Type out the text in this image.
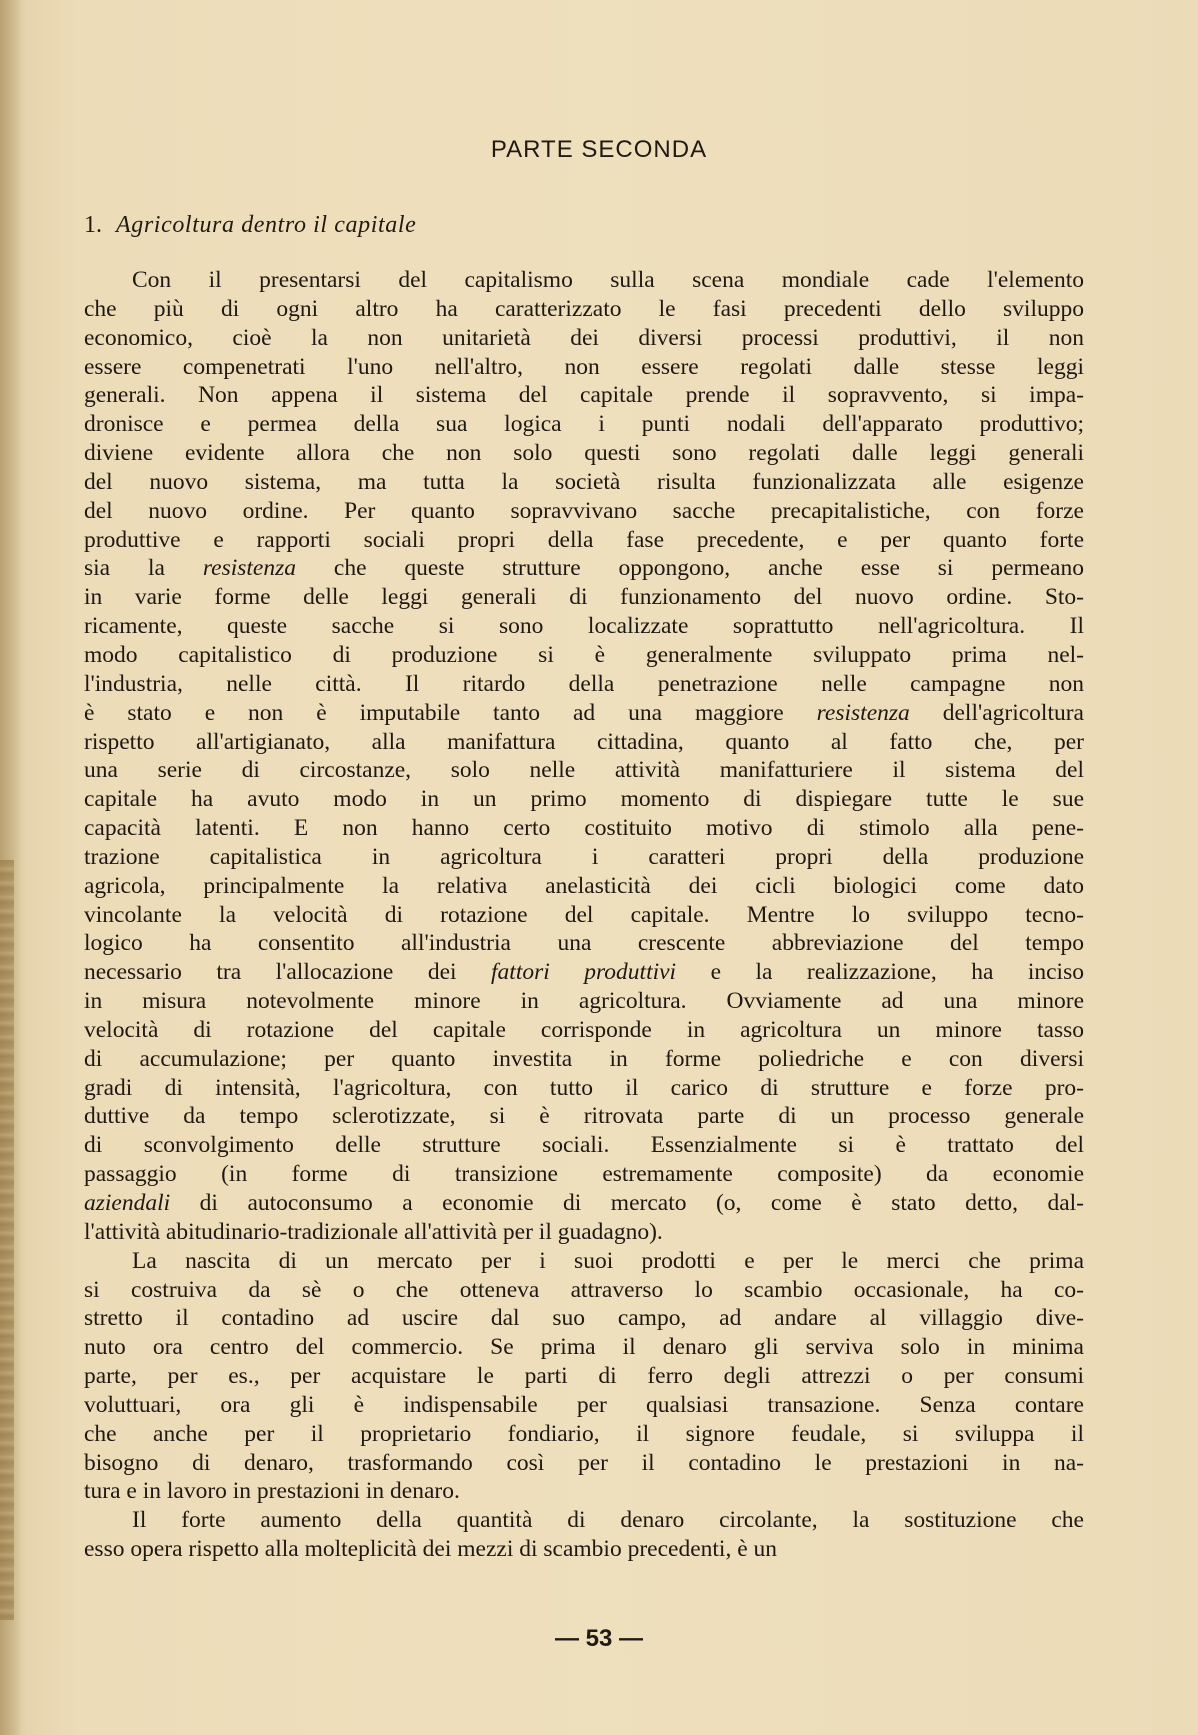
PARTE SECONDA
1. Agricoltura dentro il capitale
Con il presentarsi del capitalismo sulla scena mondiale cade l'elemento
che più di ogni altro ha caratterizzato le fasi precedenti dello sviluppo
economico, cioè la non unitarietà dei diversi processi produttivi, il non
essere compenetrati l'uno nell'altro, non essere regolati dalle stesse leggi
generali. Non appena il sistema del capitale prende il sopravvento, si impa-
dronisce e permea della sua logica i punti nodali dell'apparato produttivo;
diviene evidente allora che non solo questi sono regolati dalle leggi generali
del nuovo sistema, ma tutta la società risulta funzionalizzata alle esigenze
del nuovo ordine. Per quanto sopravvivano sacche precapitalistiche, con forze
produttive e rapporti sociali propri della fase precedente, e per quanto forte
sia la resistenza che queste strutture oppongono, anche esse si permeano
in varie forme delle leggi generali di funzionamento del nuovo ordine. Sto-
ricamente, queste sacche si sono localizzate soprattutto nell'agricoltura. Il
modo capitalistico di produzione si è generalmente sviluppato prima nel-
l'industria, nelle città. Il ritardo della penetrazione nelle campagne non
è stato e non è imputabile tanto ad una maggiore resistenza dell'agricoltura
rispetto all'artigianato, alla manifattura cittadina, quanto al fatto che, per
una serie di circostanze, solo nelle attività manifatturiere il sistema del
capitale ha avuto modo in un primo momento di dispiegare tutte le sue
capacità latenti. E non hanno certo costituito motivo di stimolo alla pene-
trazione capitalistica in agricoltura i caratteri propri della produzione
agricola, principalmente la relativa anelasticità dei cicli biologici come dato
vincolante la velocità di rotazione del capitale. Mentre lo sviluppo tecno-
logico ha consentito all'industria una crescente abbreviazione del tempo
necessario tra l'allocazione dei fattori produttivi e la realizzazione, ha inciso
in misura notevolmente minore in agricoltura. Ovviamente ad una minore
velocità di rotazione del capitale corrisponde in agricoltura un minore tasso
di accumulazione; per quanto investita in forme poliedriche e con diversi
gradi di intensità, l'agricoltura, con tutto il carico di strutture e forze pro-
duttive da tempo sclerotizzate, si è ritrovata parte di un processo generale
di sconvolgimento delle strutture sociali. Essenzialmente si è trattato del
passaggio (in forme di transizione estremamente composite) da economie
aziendali di autoconsumo a economie di mercato (o, come è stato detto, dal-
l'attività abitudinario-tradizionale all'attività per il guadagno).
La nascita di un mercato per i suoi prodotti e per le merci che prima
si costruiva da sè o che otteneva attraverso lo scambio occasionale, ha co-
stretto il contadino ad uscire dal suo campo, ad andare al villaggio dive-
nuto ora centro del commercio. Se prima il denaro gli serviva solo in minima
parte, per es., per acquistare le parti di ferro degli attrezzi o per consumi
voluttuari, ora gli è indispensabile per qualsiasi transazione. Senza contare
che anche per il proprietario fondiario, il signore feudale, si sviluppa il
bisogno di denaro, trasformando così per il contadino le prestazioni in na-
tura e in lavoro in prestazioni in denaro.
Il forte aumento della quantità di denaro circolante, la sostituzione che
esso opera rispetto alla molteplicità dei mezzi di scambio precedenti, è un
— 53 —
